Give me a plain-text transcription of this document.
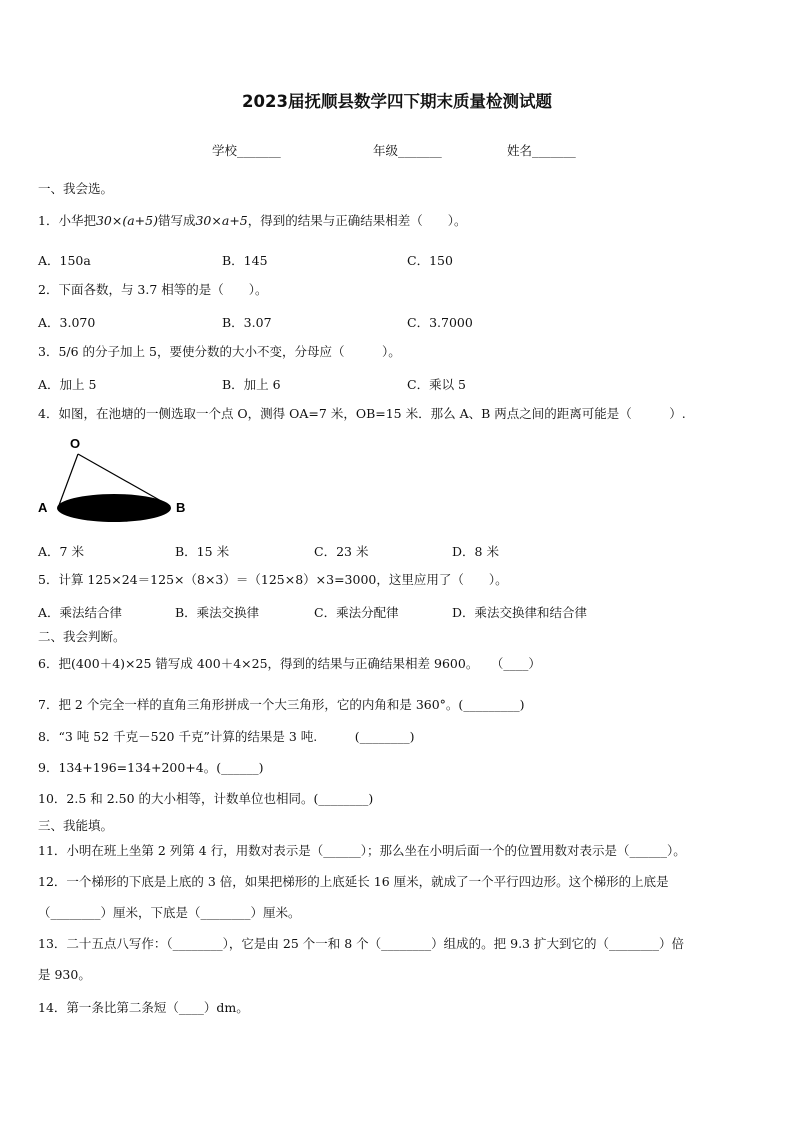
2023届抚顺县数学四下期末质量检测试题
学校_______	年级_______	姓名_______
一、我会选。
1．小华把30×(a+5)错写成30×a+5，得到的结果与正确结果相差（　　）。
A．150a	B．145	C．150
2．下面各数，与 3.7 相等的是（　　）。
A．3.070	B．3.07	C．3.7000
3．5/6 的分子加上 5，要使分数的大小不变，分母应（　　　）。
A．加上 5	B．加上 6	C．乘以 5
4．如图，在池塘的一侧选取一个点 O，测得 OA=7 米，OB=15 米．那么 A、B 两点之间的距离可能是（　　　）.
O
A	B
A．7 米	B．15 米	C．23 米	D．8 米
5．计算 125×24＝125×（8×3）＝（125×8）×3=3000，这里应用了（　　）。
A．乘法结合律	B．乘法交换律	C．乘法分配律	D．乘法交换律和结合律
二、我会判断。
6．把(400＋4)×25 错写成 400＋4×25，得到的结果与正确结果相差 9600。　　（____）
7．把 2 个完全一样的直角三角形拼成一个大三角形，它的内角和是 360°。(_________)
8．“3 吨 52 千克－520 千克”计算的结果是 3 吨.　　　(________)
9．134+196=134+200+4。(______)
10．2.5 和 2.50 的大小相等，计数单位也相同。(________)
三、我能填。
11．小明在班上坐第 2 列第 4 行，用数对表示是（______）；那么坐在小明后面一个的位置用数对表示是（______）。
12．一个梯形的下底是上底的 3 倍，如果把梯形的上底延长 16 厘米，就成了一个平行四边形。这个梯形的上底是
（________）厘米，下底是（________）厘米。
13．二十五点八写作：（________），它是由 25 个一和 8 个（________）组成的。把 9.3 扩大到它的（________）倍
是 930。
14．第一条比第二条短（____）dm。
